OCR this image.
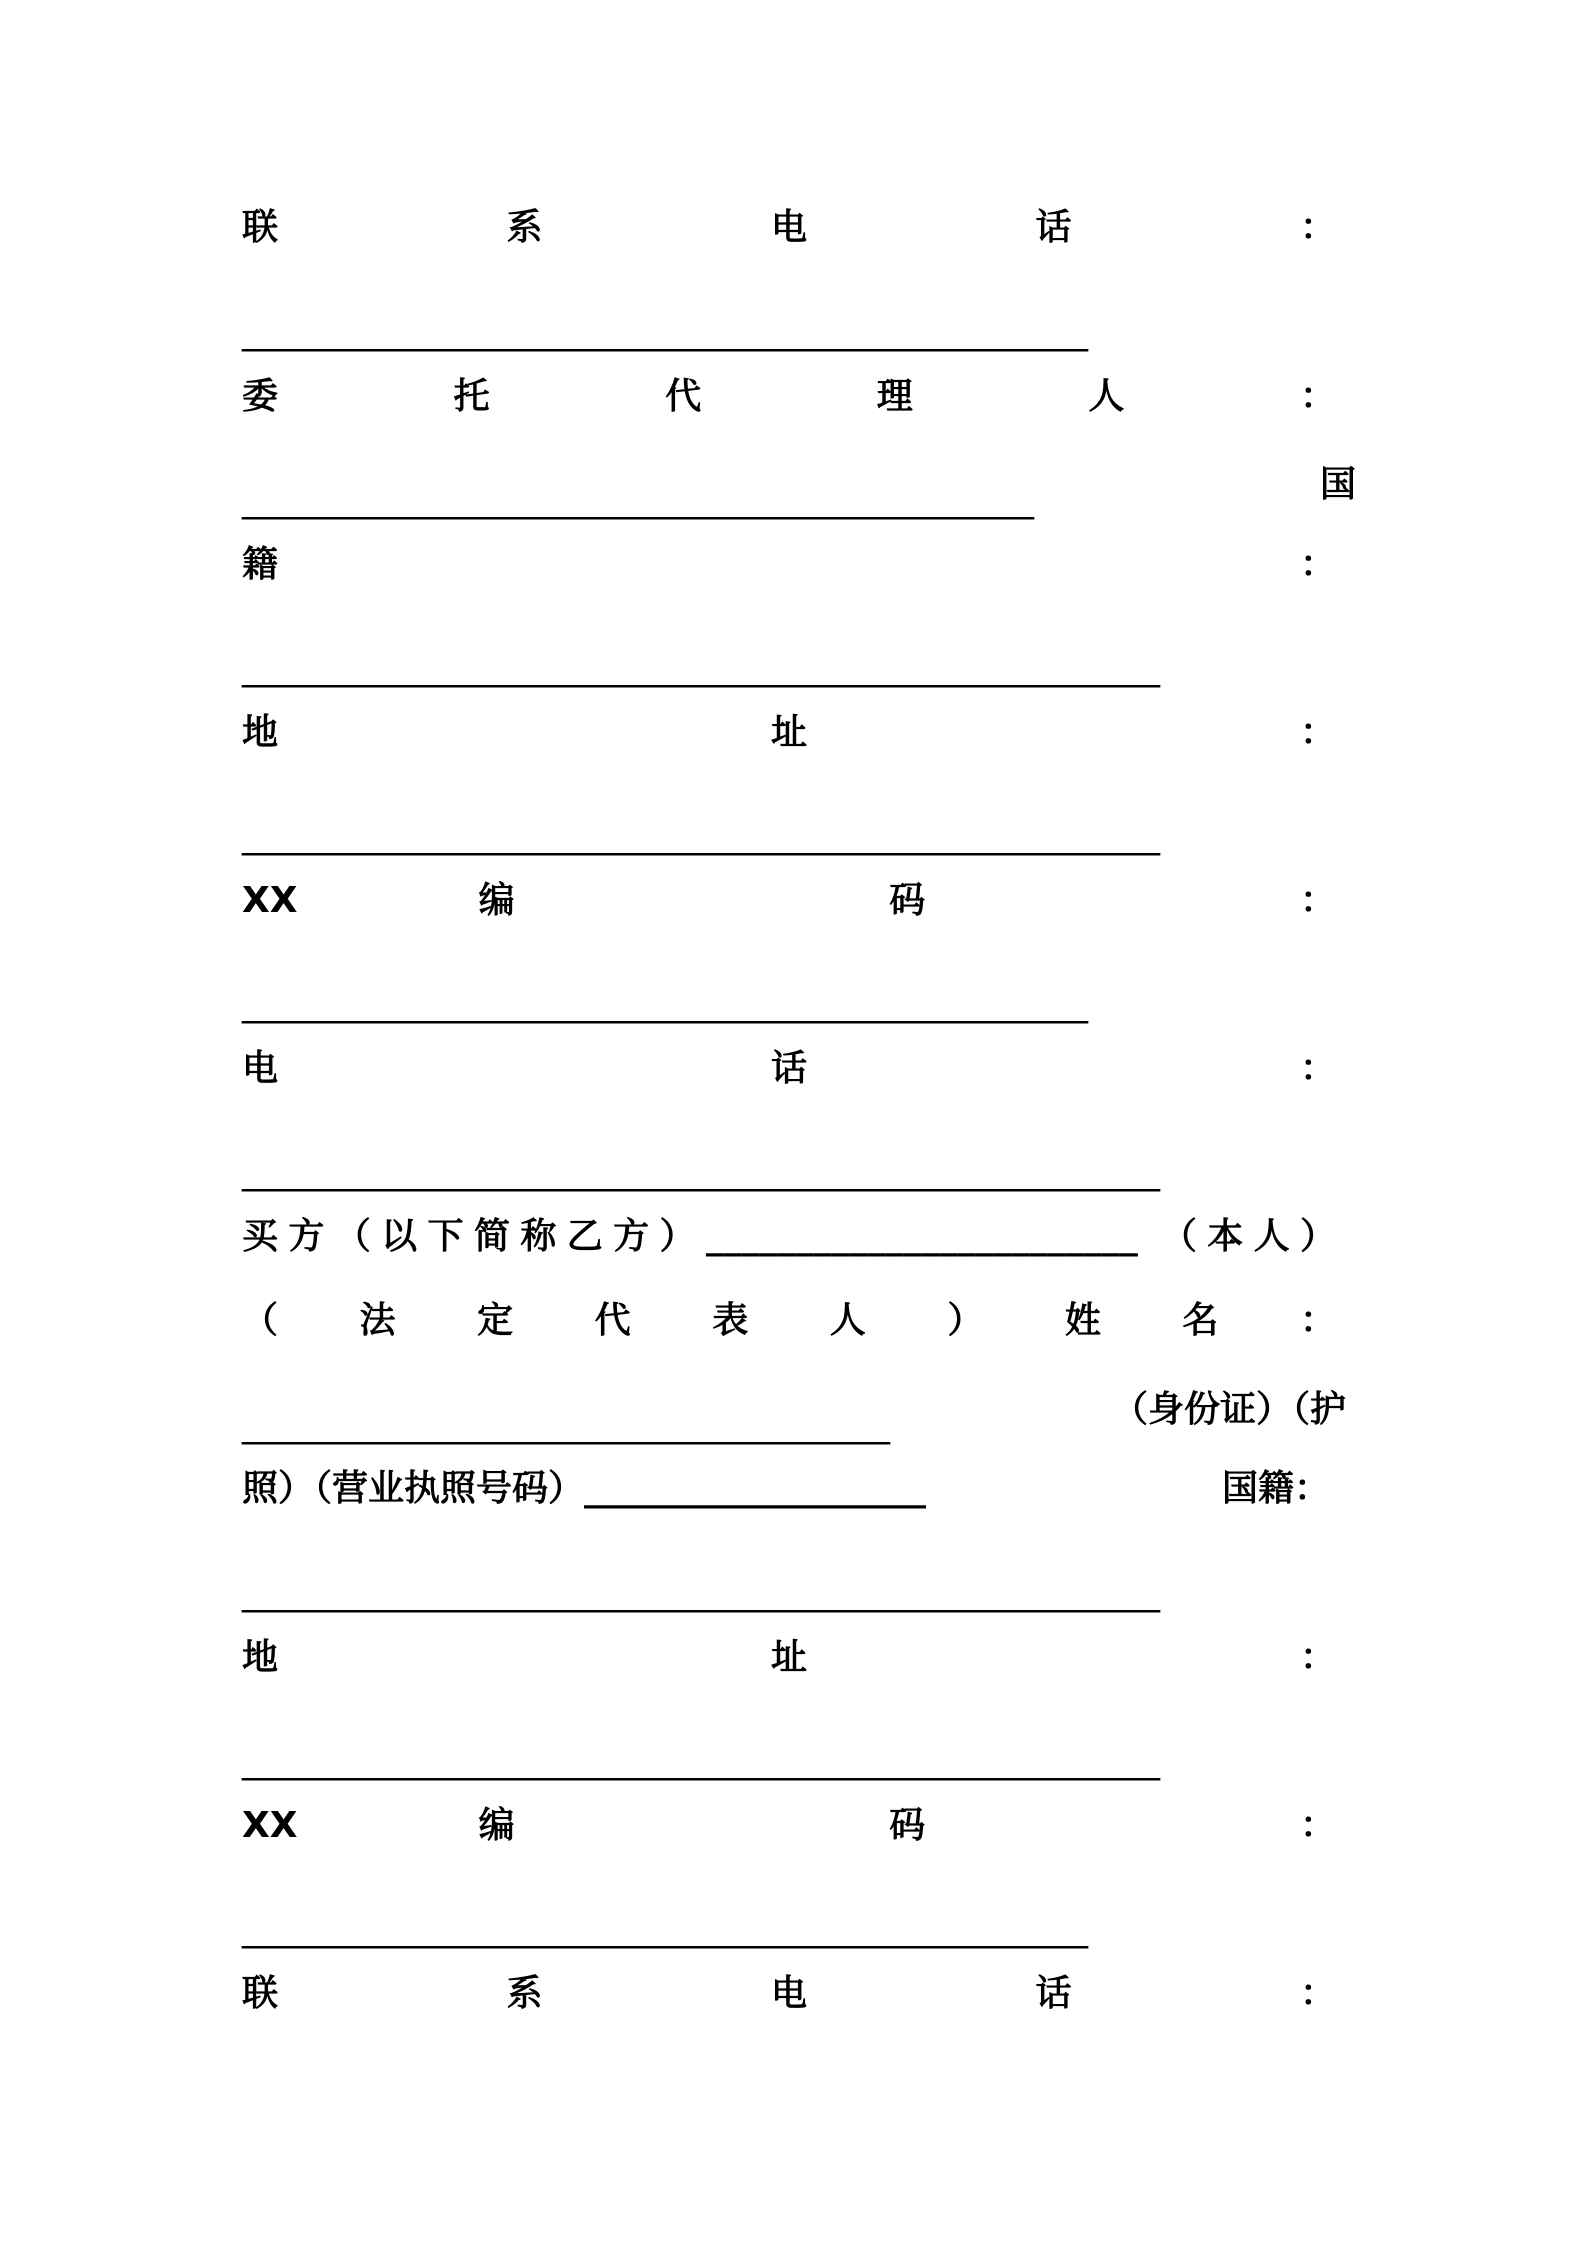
联 系 电 话 ：
_______________________________________________
委 托 代 理 人 ：
____________________________________________	国
籍 ：
___________________________________________________
地 址 ：
___________________________________________________
XX编 码 ：
_______________________________________________
电 话 ：
___________________________________________________
买方（以下简称乙方）________________________ （本人）
（ 法 定 代 表 人 ） 姓 名 ：
____________________________________	（身份证）（护
照）（营业执照号码）___________________	国籍：
___________________________________________________
地 址 ：
___________________________________________________
XX编 码 ：
_______________________________________________
联 系 电 话 ：
